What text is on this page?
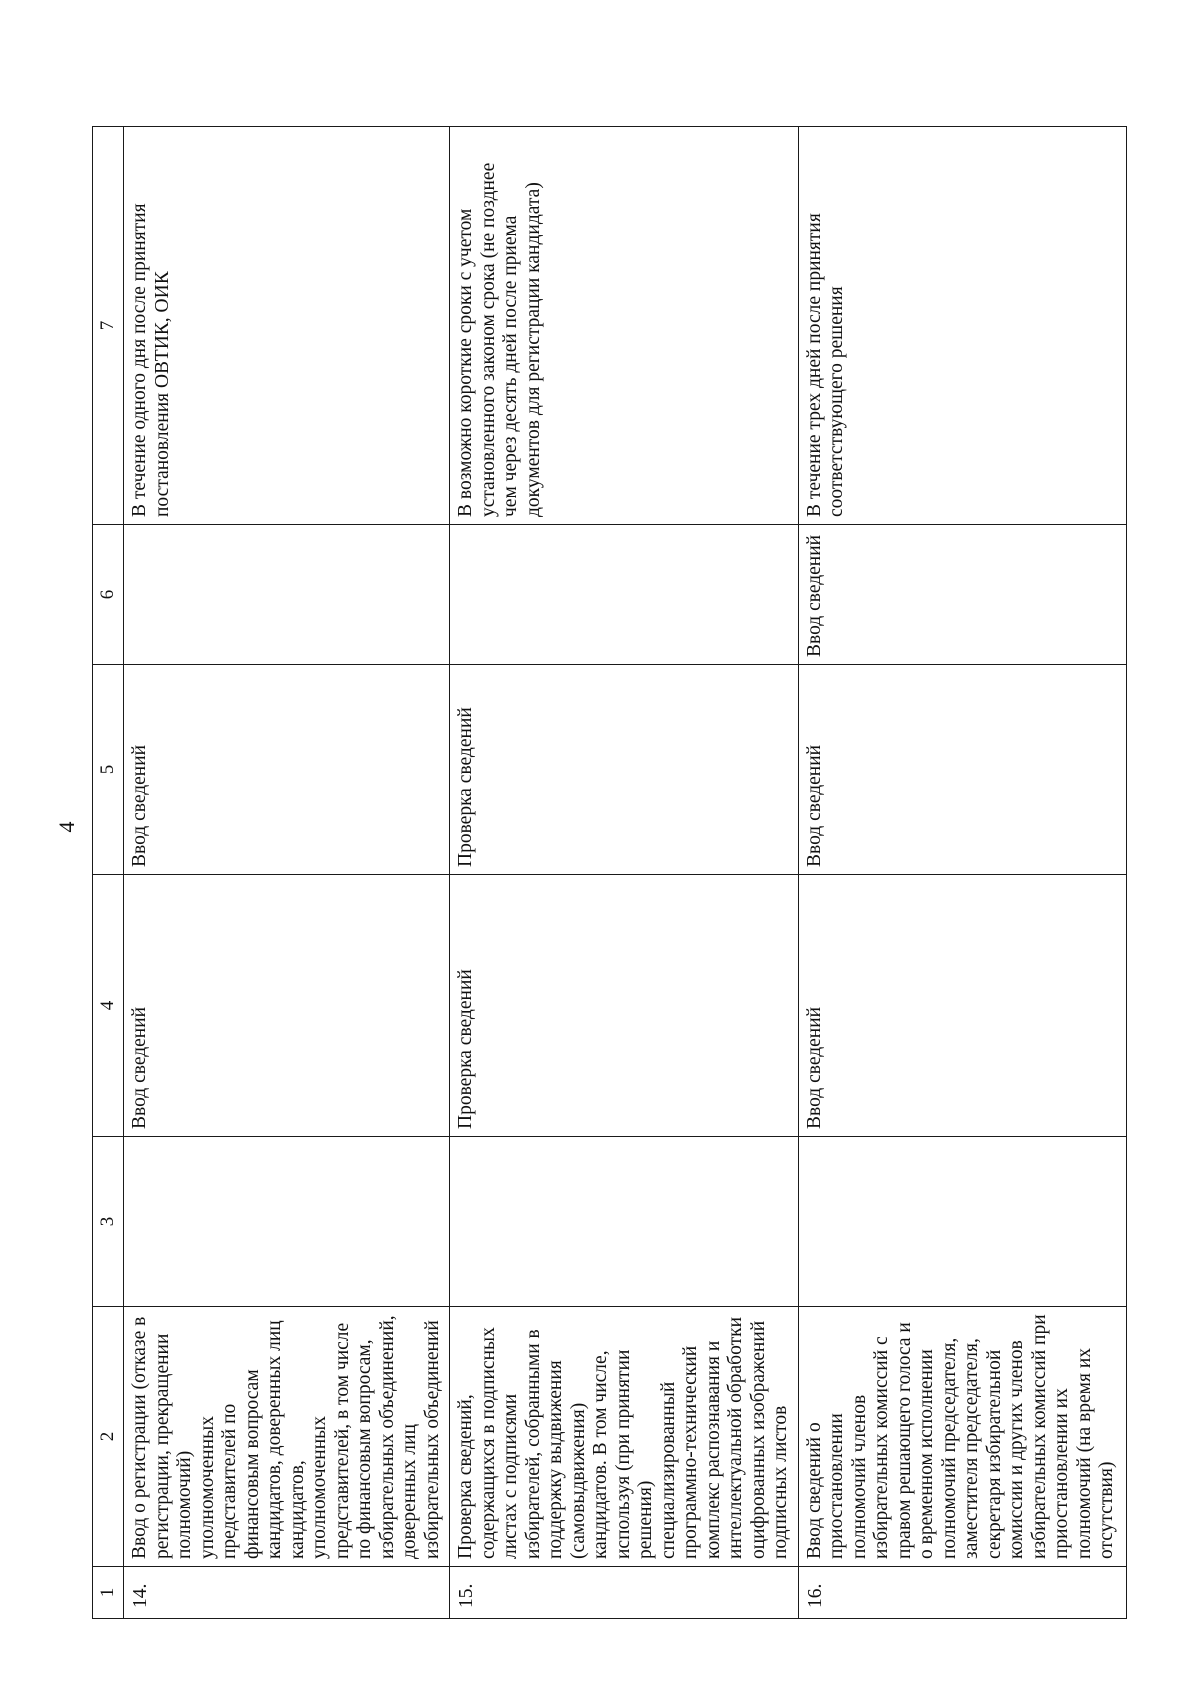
4
1	2	3	4	5	6	7
14.	Ввод о регистрации (отказе в регистрации, прекращении полномочий) уполномоченных представителей по финансовым вопросам кандидатов, доверенных лиц кандидатов, уполномоченных представителей, в том числе по финансовым вопросам, избирательных объединений, доверенных лиц избирательных объединений		Ввод сведений	Ввод сведений		В течение одного дня после принятия постановления ОВТИК, ОИК
15.	Проверка сведений, содержащихся в подписных листах с подписями избирателей, собранными в поддержку выдвижения (самовыдвижения) кандидатов. В том числе, используя (при принятии решения) специализированный программно-технический комплекс распознавания и интеллектуальной обработки оцифрованных изображений подписных листов		Проверка сведений	Проверка сведений		В возможно короткие сроки с учетом установленного законом срока (не позднее чем через десять дней после приема документов для регистрации кандидата)
16.	Ввод сведений о приостановлении полномочий членов избирательных комиссий с правом решающего голоса и о временном исполнении полномочий председателя, заместителя председателя, секретаря избирательной комиссии и других членов избирательных комиссий при приостановлении их полномочий (на время их отсутствия)		Ввод сведений	Ввод сведений	Ввод сведений	В течение трех дней после принятия соответствующего решения
